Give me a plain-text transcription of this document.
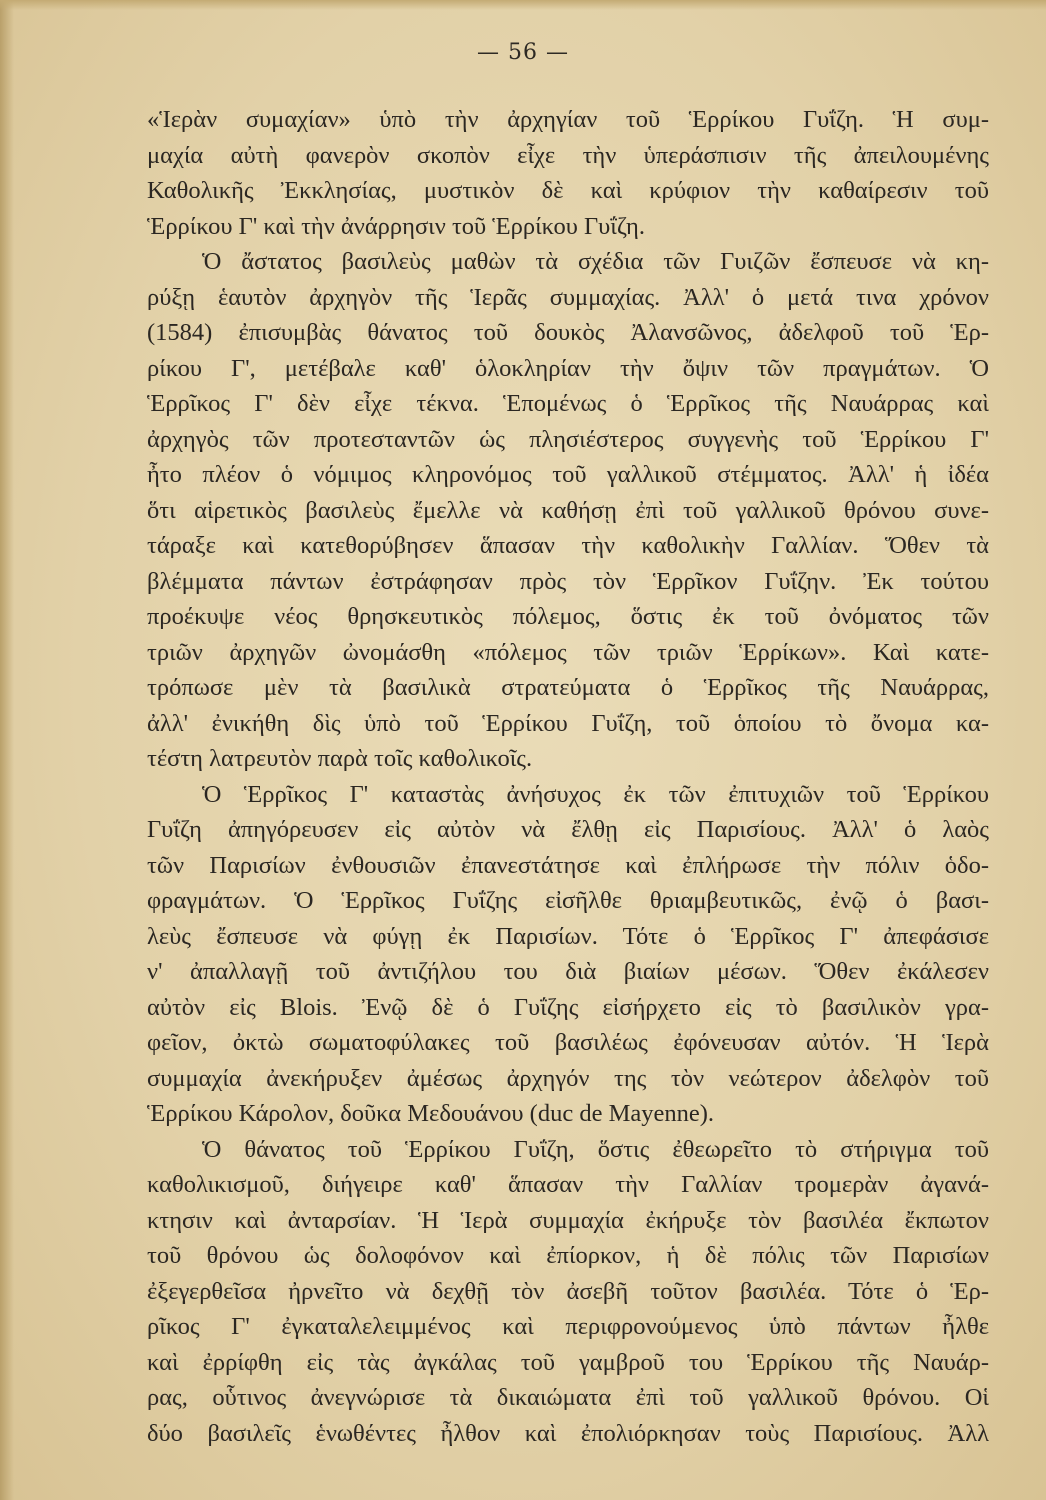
— 56 —
«Ἱερὰν συμαχίαν» ὑπὸ τὴν ἀρχηγίαν τοῦ Ἑρρίκου Γυΐζη. Ἡ συμ-
μαχία αὐτὴ φανερὸν σκοπὸν εἶχε τὴν ὑπεράσπισιν τῆς ἀπειλουμένης
Καθολικῆς Ἐκκλησίας, μυστικὸν δὲ καὶ κρύφιον τὴν καθαίρεσιν τοῦ
Ἑρρίκου Γ' καὶ τὴν ἀνάρρησιν τοῦ Ἑρρίκου Γυΐζη.
Ὁ ἄστατος βασιλεὺς μαθὼν τὰ σχέδια τῶν Γυιζῶν ἔσπευσε νὰ κη-
ρύξῃ ἑαυτὸν ἀρχηγὸν τῆς Ἱερᾶς συμμαχίας. Ἀλλ' ὁ μετά τινα χρόνον
(1584) ἐπισυμβὰς θάνατος τοῦ δουκὸς Ἀλανσῶνος, ἀδελφοῦ τοῦ Ἑρ-
ρίκου Γ', μετέβαλε καθ' ὁλοκληρίαν τὴν ὄψιν τῶν πραγμάτων. Ὁ
Ἑρρῖκος Γ' δὲν εἶχε τέκνα. Ἑπομένως ὁ Ἑρρῖκος τῆς Ναυάρρας καὶ
ἀρχηγὸς τῶν προτεσταντῶν ὡς πλησιέστερος συγγενὴς τοῦ Ἑρρίκου Γ'
ἦτο πλέον ὁ νόμιμος κληρονόμος τοῦ γαλλικοῦ στέμματος. Ἀλλ' ἡ ἰδέα
ὅτι αἱρετικὸς βασιλεὺς ἔμελλε νὰ καθήσῃ ἐπὶ τοῦ γαλλικοῦ θρόνου συνε-
τάραξε καὶ κατεθορύβησεν ἅπασαν τὴν καθολικὴν Γαλλίαν. Ὅθεν τὰ
βλέμματα πάντων ἐστράφησαν πρὸς τὸν Ἑρρῖκον Γυΐζην. Ἐκ τούτου
προέκυψε νέος θρησκευτικὸς πόλεμος, ὅστις ἐκ τοῦ ὀνόματος τῶν
τριῶν ἀρχηγῶν ὠνομάσθη «πόλεμος τῶν τριῶν Ἑρρίκων». Καὶ κατε-
τρόπωσε μὲν τὰ βασιλικὰ στρατεύματα ὁ Ἑρρῖκος τῆς Ναυάρρας,
ἀλλ' ἐνικήθη δὶς ὑπὸ τοῦ Ἑρρίκου Γυΐζη, τοῦ ὁποίου τὸ ὄνομα κα-
τέστη λατρευτὸν παρὰ τοῖς καθολικοῖς.
Ὁ Ἑρρῖκος Γ' καταστὰς ἀνήσυχος ἐκ τῶν ἐπιτυχιῶν τοῦ Ἑρρίκου
Γυΐζη ἀπηγόρευσεν εἰς αὐτὸν νὰ ἔλθῃ εἰς Παρισίους. Ἀλλ' ὁ λαὸς
τῶν Παρισίων ἐνθουσιῶν ἐπανεστάτησε καὶ ἐπλήρωσε τὴν πόλιν ὁδο-
φραγμάτων. Ὁ Ἑρρῖκος Γυΐζης εἰσῆλθε θριαμβευτικῶς, ἐνῷ ὁ βασι-
λεὺς ἔσπευσε νὰ φύγῃ ἐκ Παρισίων. Τότε ὁ Ἑρρῖκος Γ' ἀπεφάσισε
ν' ἀπαλλαγῇ τοῦ ἀντιζήλου του διὰ βιαίων μέσων. Ὅθεν ἐκάλεσεν
αὐτὸν εἰς Blois. Ἐνῷ δὲ ὁ Γυΐζης εἰσήρχετο εἰς τὸ βασιλικὸν γρα-
φεῖον, ὀκτὼ σωματοφύλακες τοῦ βασιλέως ἐφόνευσαν αὐτόν. Ἡ Ἱερὰ
συμμαχία ἀνεκήρυξεν ἀμέσως ἀρχηγόν της τὸν νεώτερον ἀδελφὸν τοῦ
Ἑρρίκου Κάρολον, δοῦκα Μεδουάνου (duc de Mayenne).
Ὁ θάνατος τοῦ Ἑρρίκου Γυΐζη, ὅστις ἐθεωρεῖτο τὸ στήριγμα τοῦ
καθολικισμοῦ, διήγειρε καθ' ἅπασαν τὴν Γαλλίαν τρομερὰν ἀγανά-
κτησιν καὶ ἀνταρσίαν. Ἡ Ἱερὰ συμμαχία ἐκήρυξε τὸν βασιλέα ἔκπωτον
τοῦ θρόνου ὡς δολοφόνον καὶ ἐπίορκον, ἡ δὲ πόλις τῶν Παρισίων
ἐξεγερθεῖσα ἠρνεῖτο νὰ δεχθῇ τὸν ἀσεβῆ τοῦτον βασιλέα. Τότε ὁ Ἑρ-
ρῖκος Γ' ἐγκαταλελειμμένος καὶ περιφρονούμενος ὑπὸ πάντων ἦλθε
καὶ ἐρρίφθη εἰς τὰς ἀγκάλας τοῦ γαμβροῦ του Ἑρρίκου τῆς Ναυάρ-
ρας, οὗτινος ἀνεγνώρισε τὰ δικαιώματα ἐπὶ τοῦ γαλλικοῦ θρόνου. Οἱ
δύο βασιλεῖς ἑνωθέντες ἦλθον καὶ ἐπολιόρκησαν τοὺς Παρισίους. Ἀλλ
